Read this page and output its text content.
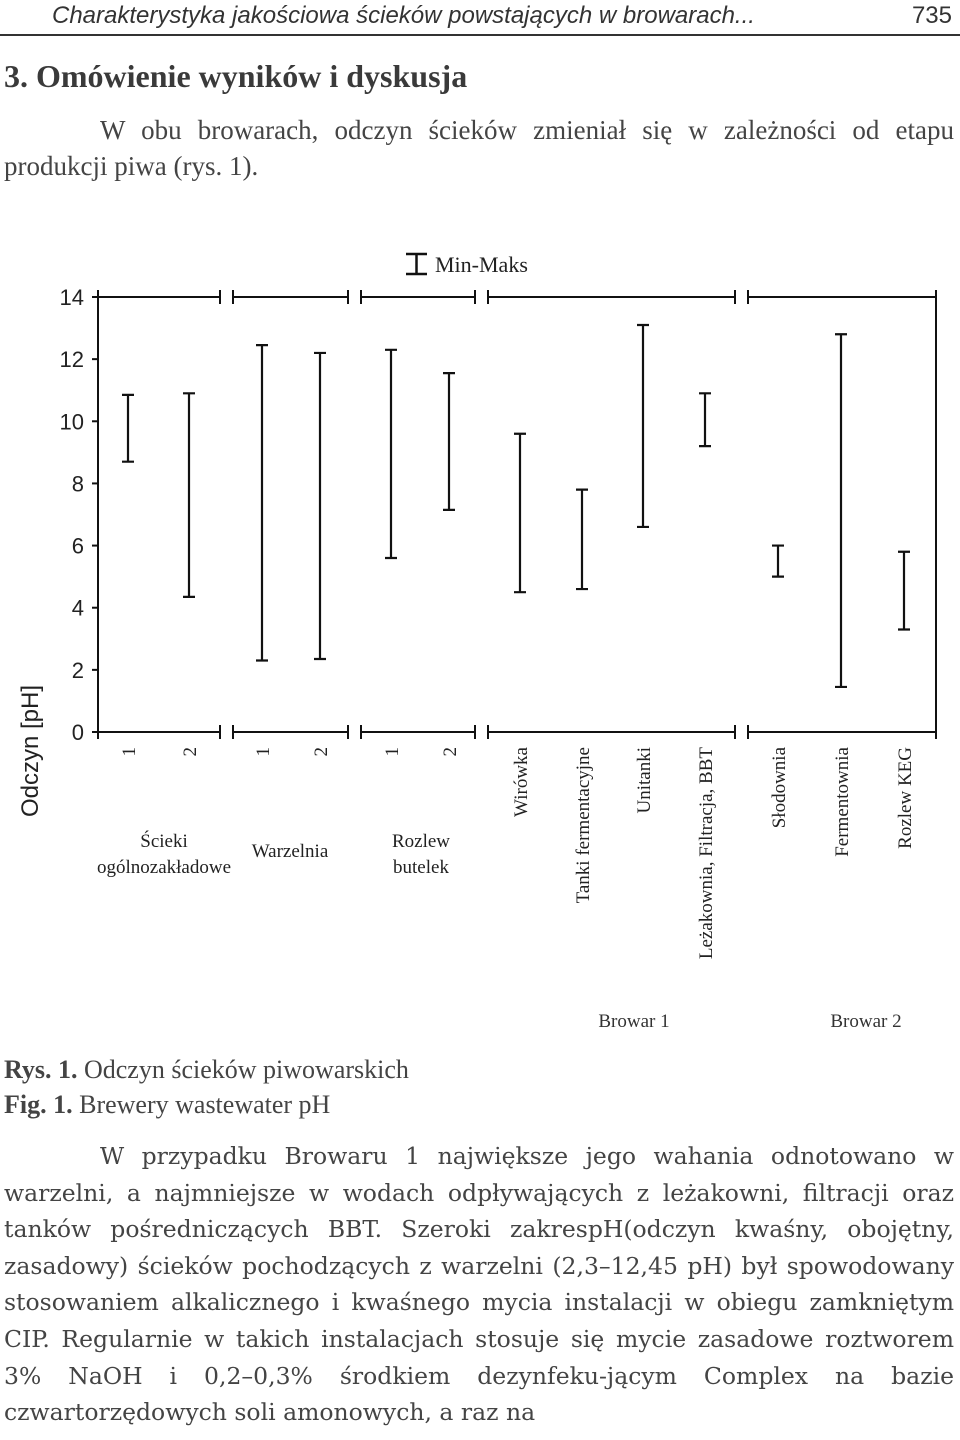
Charakterystyka jakościowa ścieków powstających w browarach...	735
3. Omówienie wyników i dyskusja
W obu browarach, odczyn ścieków zmieniał się w zależności od etapu produkcji piwa (rys. 1).
Min-Maks
Odczyn [pH] 0
2
4
6
8
10
12
14
1 2	1 2	1 2	Wirówka Tanki fermentacyjne Unitanki Leżakownia, Filtracja, BBT	Słodownia Fermentownia Rozlew KEG
Ścieki
ogólnozakładowe
Warzelnia	Rozlew
butelek
Browar 1	Browar 2
Rys. 1. Odczyn ścieków piwowarskich
Fig. 1. Brewery wastewater pH
W przypadku Browaru 1 największe jego wahania odnotowano w warzelni, a najmniejsze w wodach odpływających z leżakowni, filtracji oraz tanków pośredniczących BBT. Szeroki zakrespH(odczyn kwaśny, obojętny, zasadowy) ścieków pochodzących z warzelni (2,3–12,45 pH) był spowodowany stosowaniem alkalicznego i kwaśnego mycia instalacji w obiegu zamkniętym CIP. Regularnie w takich instalacjach stosuje się mycie zasadowe roztworem 3% NaOH i 0,2–0,3% środkiem dezynfeku-jącym Complex na bazie czwartorzędowych soli amonowych, a raz na
